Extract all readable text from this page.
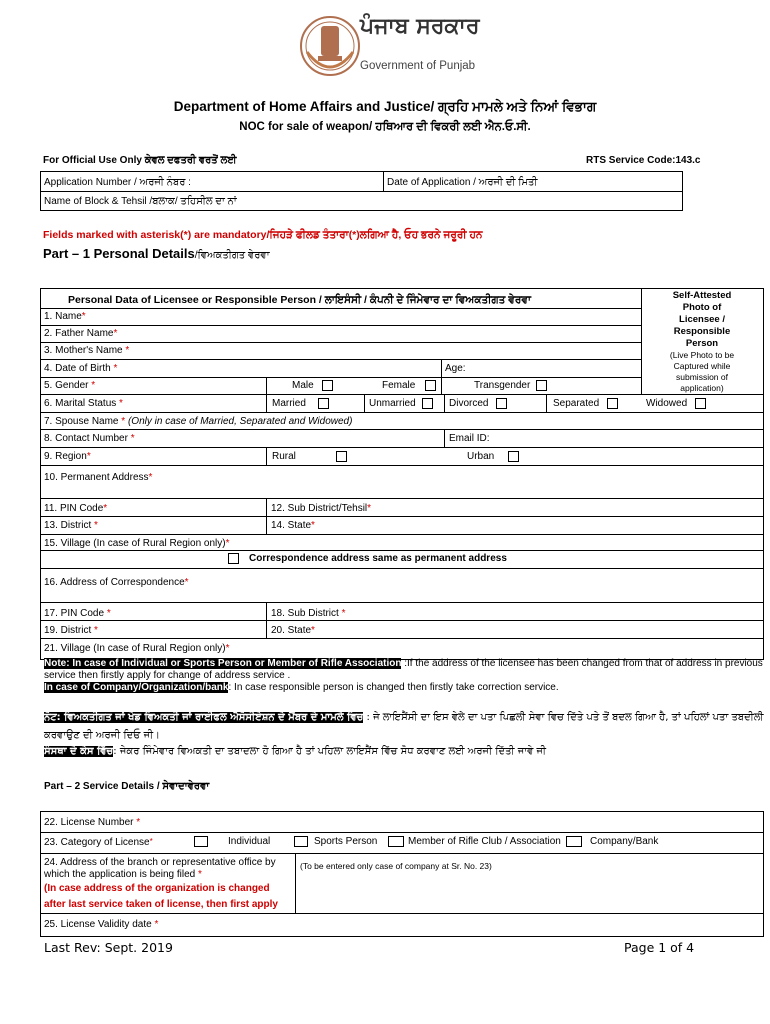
ਪੰਜਾਬ ਸਰਕਾਰ
Government of Punjab
Department of Home Affairs and Justice/ ਗ੍ਰਹਿ ਮਾਮਲੇ ਅਤੇ ਨਿਆਂ ਵਿਭਾਗ
NOC for sale of weapon/ ਹਥਿਆਰ ਦੀ ਵਿਕਰੀ ਲਈ ਐਨ.ਓ.ਸੀ.
For Official Use Only ਕੇਵਲ ਦਫਤਰੀ ਵਰਤੋਂ ਲਈ	RTS Service Code:143.c
Application Number / ਅਰਜੀ ਨੰਬਰ :	Date of Application / ਅਰਜੀ ਦੀ ਮਿਤੀ
Name of Block & Tehsil /ਬਲਾਕ/ ਤਹਿਸੀਲ ਦਾ ਨਾਂ
Fields marked with asterisk(*) are mandatory/ਜਿਹੜੇ ਫੀਲਡ ਤੰਤਾਰਾ(*)ਲਗਿਆ ਹੈ, ਓਹ ਭਰਨੇ ਜਰੂਰੀ ਹਨ
Part – 1 Personal Details/ਵਿਅਕਤੀਗਤ ਵੇਰਵਾ
Personal Data of Licensee or Responsible Person / ਲਾਇਸੰਸੀ / ਕੰਪਨੀ ਦੇ ਜਿੰਮੇਵਾਰ ਦਾ ਵਿਅਕਤੀਗਤ ਵੇਰਵਾ	Self-Attested Photo of Licensee / Responsible Person
(Live Photo to be Captured while submission of application)
1. Name*
2. Father Name*
3. Mother's Name *
4. Date of Birth *	Age:
5. Gender *	Male	Female	Transgender
6. Marital Status *	Married	Unmarried	Divorced	Separated	Widowed
7. Spouse Name * (Only in case of Married, Separated and Widowed)
8. Contact Number *	Email ID:
9. Region*	Rural	Urban
10. Permanent Address*
11. PIN Code*	12. Sub District/Tehsil*
13. District *	14. State*
15. Village (In case of Rural Region only)*
Correspondence address same as permanent address
16. Address of Correspondence*
17. PIN Code *	18. Sub District *
19. District *	20. State*
21. Village (In case of Rural Region only)*
Note: In case of Individual or Sports Person or Member of Rifle Association :If the address of the licensee has been changed from that of address in previous service then firstly apply for change of address service .
In case of Company/Organization/bank: In case responsible person is changed then firstly take correction service.
ਨੋਟ: ਵਿਅਕਤੀਗਤ ਜਾਂ ਖੇਡ ਵਿਅਕਤੀ ਜਾਂ ਰਾਈਫਲ ਐਸੋਸੀਏਸ਼ਨ ਦੇ ਮੈਂਬਰ ਦੇ ਮਾਮਲੇ ਵਿਚ : ਜੇ ਲਾਇਸੈਂਸੀ ਦਾ ਇਸ ਵੇਲੇ ਦਾ ਪਤਾ ਪਿਛਲੀ ਸੇਵਾ ਵਿਚ ਦਿੱਤੇ ਪਤੇ ਤੋਂ ਬਦਲ ਗਿਆ ਹੈ, ਤਾਂ ਪਹਿਲਾਂ ਪਤਾ ਤਬਦੀਲੀ ਕਰਵਾਉਣ ਦੀ ਅਰਜੀ ਦਿਓ ਜੀ।
ਸੰਸਥਾ ਦੇ ਕੇਸ ਵਿੱਚ: ਜੇਕਰ ਜਿੰਮੇਵਾਰ ਵਿਅਕਤੀ ਦਾ ਤਬਾਦਲਾ ਹੋ ਗਿਆ ਹੈ ਤਾਂ ਪਹਿਲਾ ਲਾਇਸੈਂਸ ਵਿੱਚ ਸੋਧ ਕਰਵਾਣ ਲਈ ਅਰਜੀ ਦਿੱਤੀ ਜਾਵੇ ਜੀ
Part – 2 Service Details / ਸੇਵਾਦਾਵੇਰਵਾ
22. License Number *
23. Category of License*	Individual	Sports Person	Member of Rifle Club / Association	Company/Bank
24. Address of the branch or representative office by which the application is being filed *
(In case address of the organization is changed after last service taken of license, then first apply
(To be entered only case of company at Sr. No. 23)
25. License Validity date *
Last Rev: Sept. 2019	Page 1 of 4
